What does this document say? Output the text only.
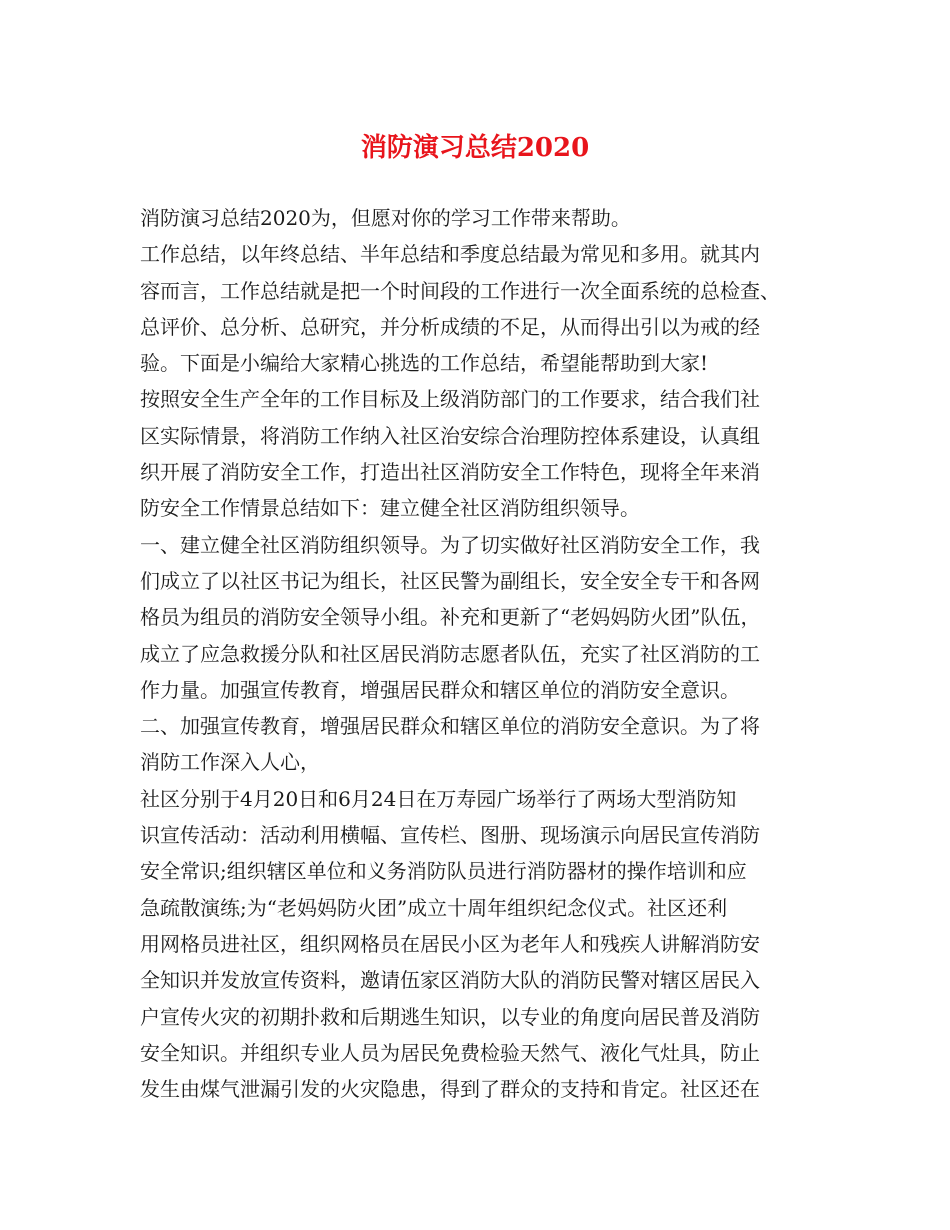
消防演习总结2020
消防演习总结2020为，但愿对你的学习工作带来帮助。
工作总结，以年终总结、半年总结和季度总结最为常见和多用。就其内
容而言，工作总结就是把一个时间段的工作进行一次全面系统的总检查、
总评价、总分析、总研究，并分析成绩的不足，从而得出引以为戒的经
验。下面是小编给大家精心挑选的工作总结，希望能帮助到大家!
按照安全生产全年的工作目标及上级消防部门的工作要求，结合我们社
区实际情景，将消防工作纳入社区治安综合治理防控体系建设，认真组
织开展了消防安全工作，打造出社区消防安全工作特色，现将全年来消
防安全工作情景总结如下：建立健全社区消防组织领导。
一、建立健全社区消防组织领导。为了切实做好社区消防安全工作，我
们成立了以社区书记为组长，社区民警为副组长，安全安全专干和各网
格员为组员的消防安全领导小组。补充和更新了“老妈妈防火团”队伍，
成立了应急救援分队和社区居民消防志愿者队伍，充实了社区消防的工
作力量。加强宣传教育，增强居民群众和辖区单位的消防安全意识。
二、加强宣传教育，增强居民群众和辖区单位的消防安全意识。为了将
消防工作深入人心，
社区分别于4月20日和6月24日在万寿园广场举行了两场大型消防知
识宣传活动：活动利用横幅、宣传栏、图册、现场演示向居民宣传消防
安全常识;组织辖区单位和义务消防队员进行消防器材的操作培训和应
急疏散演练;为“老妈妈防火团”成立十周年组织纪念仪式。社区还利
用网格员进社区，组织网格员在居民小区为老年人和残疾人讲解消防安
全知识并发放宣传资料，邀请伍家区消防大队的消防民警对辖区居民入
户宣传火灾的初期扑救和后期逃生知识，以专业的角度向居民普及消防
安全知识。并组织专业人员为居民免费检验天然气、液化气灶具，防止
发生由煤气泄漏引发的火灾隐患，得到了群众的支持和肯定。社区还在
